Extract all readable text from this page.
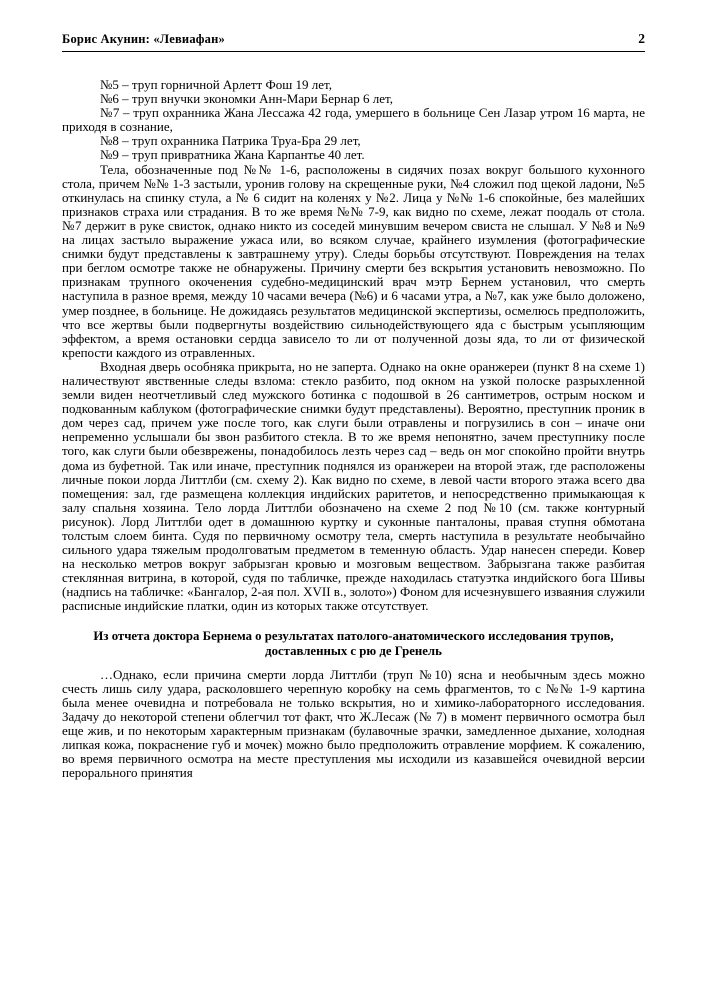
Борис Акунин: «Левиафан»	2

№5 – труп горничной Арлетт Фош 19 лет,

№6 – труп внучки экономки Анн-Мари Бернар 6 лет,

№7 – труп охранника Жана Лессажа 42 года, умершего в больнице Сен Лазар утром 16 марта, не приходя в сознание,

№8 – труп охранника Патрика Труа-Бра 29 лет,

№9 – труп привратника Жана Карпантье 40 лет.

Тела, обозначенные под №№ 1-6, расположены в сидячих позах вокруг большого кухонного стола, причем №№ 1-3 застыли, уронив голову на скрещенные руки, №4 сложил под щекой ладони, №5 откинулась на спинку стула, а № 6 сидит на коленях у №2. Лица у №№ 1-6 спокойные, без малейших признаков страха или страдания. В то же время №№ 7-9, как видно по схеме, лежат поодаль от стола. №7 держит в руке свисток, однако никто из соседей минувшим вечером свиста не слышал. У №8 и №9 на лицах застыло выражение ужаса или, во всяком случае, крайнего изумления (фотографические снимки будут представлены к завтрашнему утру). Следы борьбы отсутствуют. Повреждения на телах при беглом осмотре также не обнаружены. Причину смерти без вскрытия установить невозможно. По признакам трупного окоченения судебно-медицинский врач мэтр Бернем установил, что смерть наступила в разное время, между 10 часами вечера (№6) и 6 часами утра, а №7, как уже было доложено, умер позднее, в больнице. Не дожидаясь результатов медицинской экспертизы, осмелюсь предположить, что все жертвы были подвергнуты воздействию сильнодействующего яда с быстрым усыпляющим эффектом, а время остановки сердца зависело то ли от полученной дозы яда, то ли от физической крепости каждого из отравленных.

Входная дверь особняка прикрыта, но не заперта. Однако на окне оранжереи (пункт 8 на схеме 1) наличествуют явственные следы взлома: стекло разбито, под окном на узкой полоске разрыхленной земли виден неотчетливый след мужского ботинка с подошвой в 26 сантиметров, острым носком и подкованным каблуком (фотографические снимки будут представлены). Вероятно, преступник проник в дом через сад, причем уже после того, как слуги были отравлены и погрузились в сон – иначе они непременно услышали бы звон разбитого стекла. В то же время непонятно, зачем преступнику после того, как слуги были обезврежены, понадобилось лезть через сад – ведь он мог спокойно пройти внутрь дома из буфетной. Так или иначе, преступник поднялся из оранжереи на второй этаж, где расположены личные покои лорда Литтлби (см. схему 2). Как видно по схеме, в левой части второго этажа всего два помещения: зал, где размещена коллекция индийских раритетов, и непосредственно примыкающая к залу спальня хозяина. Тело лорда Литтлби обозначено на схеме 2 под №10 (см. также контурный рисунок). Лорд Литтлби одет в домашнюю куртку и суконные панталоны, правая ступня обмотана толстым слоем бинта. Судя по первичному осмотру тела, смерть наступила в результате необычайно сильного удара тяжелым продолговатым предметом в теменную область. Удар нанесен спереди. Ковер на несколько метров вокруг забрызган кровью и мозговым веществом. Забрызгана также разбитая стеклянная витрина, в которой, судя по табличке, прежде находилась статуэтка индийского бога Шивы (надпись на табличке: «Бангалор, 2-ая пол. XVII в., золото») Фоном для исчезнувшего изваяния служили расписные индийские платки, один из которых также отсутствует.

Из отчета доктора Бернема о результатах патолого-анатомического исследования трупов, доставленных с рю де Гренель

…Однако, если причина смерти лорда Литтлби (труп №10) ясна и необычным здесь можно счесть лишь силу удара, расколовшего черепную коробку на семь фрагментов, то с №№ 1-9 картина была менее очевидна и потребовала не только вскрытия, но и химико-лабораторного исследования. Задачу до некоторой степени облегчил тот факт, что Ж.Лесаж (№ 7) в момент первичного осмотра был еще жив, и по некоторым характерным признакам (булавочные зрачки, замедленное дыхание, холодная липкая кожа, покраснение губ и мочек) можно было предположить отравление морфием. К сожалению, во время первичного осмотра на месте преступления мы исходили из казавшейся очевидной версии перорального принятия
